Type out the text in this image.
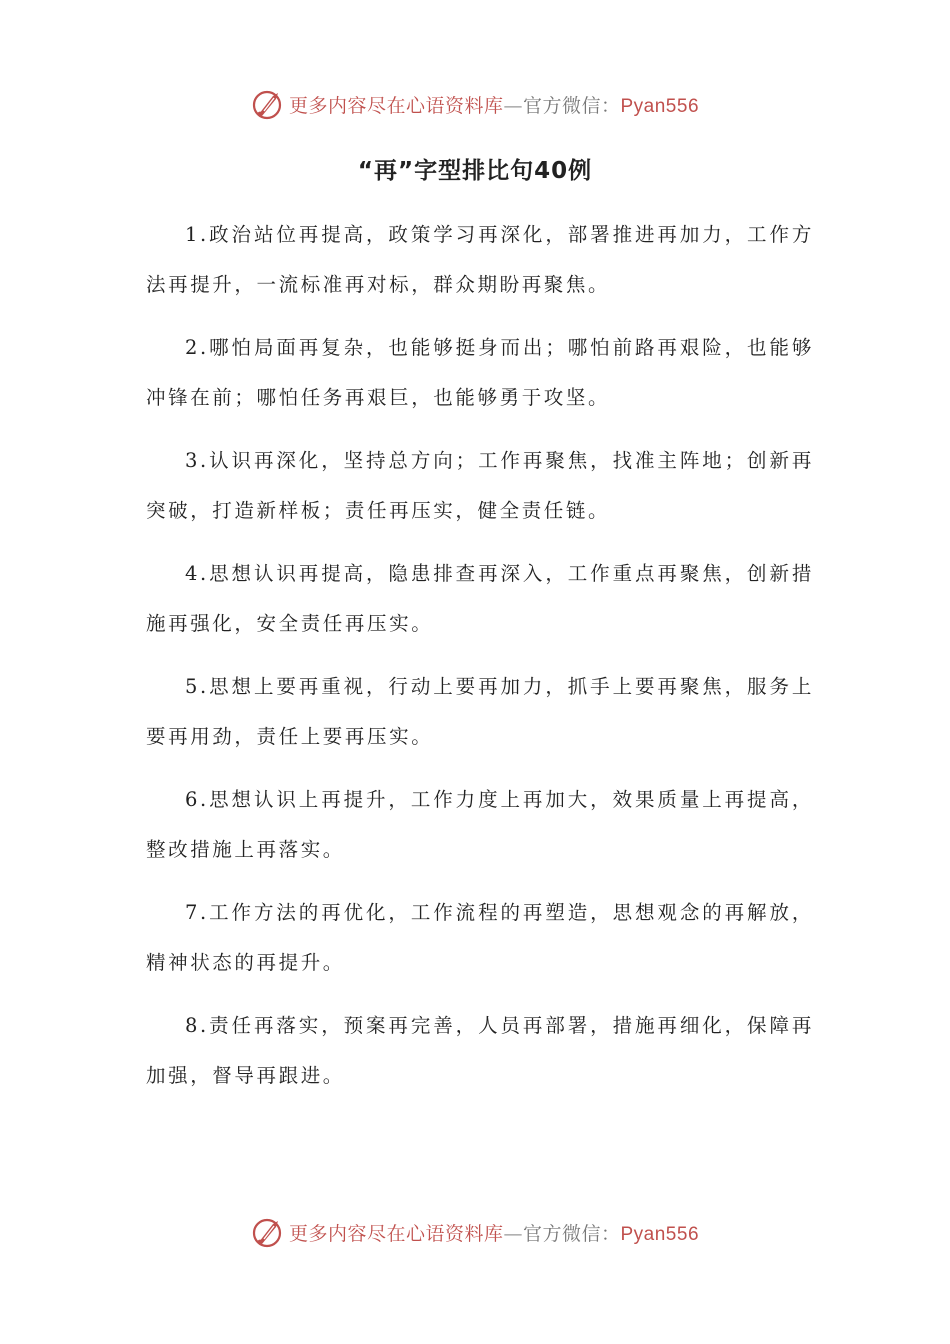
更多内容尽在心语资料库—官方微信：Pyan556
“再”字型排比句40例

1.政治站位再提高，政策学习再深化，部署推进再加力，工作方法再提升，一流标准再对标，群众期盼再聚焦。

2.哪怕局面再复杂，也能够挺身而出；哪怕前路再艰险，也能够冲锋在前；哪怕任务再艰巨，也能够勇于攻坚。

3.认识再深化，坚持总方向；工作再聚焦，找准主阵地；创新再突破，打造新样板；责任再压实，健全责任链。

4.思想认识再提高，隐患排查再深入，工作重点再聚焦，创新措施再强化，安全责任再压实。

5.思想上要再重视，行动上要再加力，抓手上要再聚焦，服务上要再用劲，责任上要再压实。

6.思想认识上再提升，工作力度上再加大，效果质量上再提高，整改措施上再落实。

7.工作方法的再优化，工作流程的再塑造，思想观念的再解放，精神状态的再提升。

8.责任再落实，预案再完善，人员再部署，措施再细化，保障再加强，督导再跟进。

更多内容尽在心语资料库—官方微信：Pyan556
